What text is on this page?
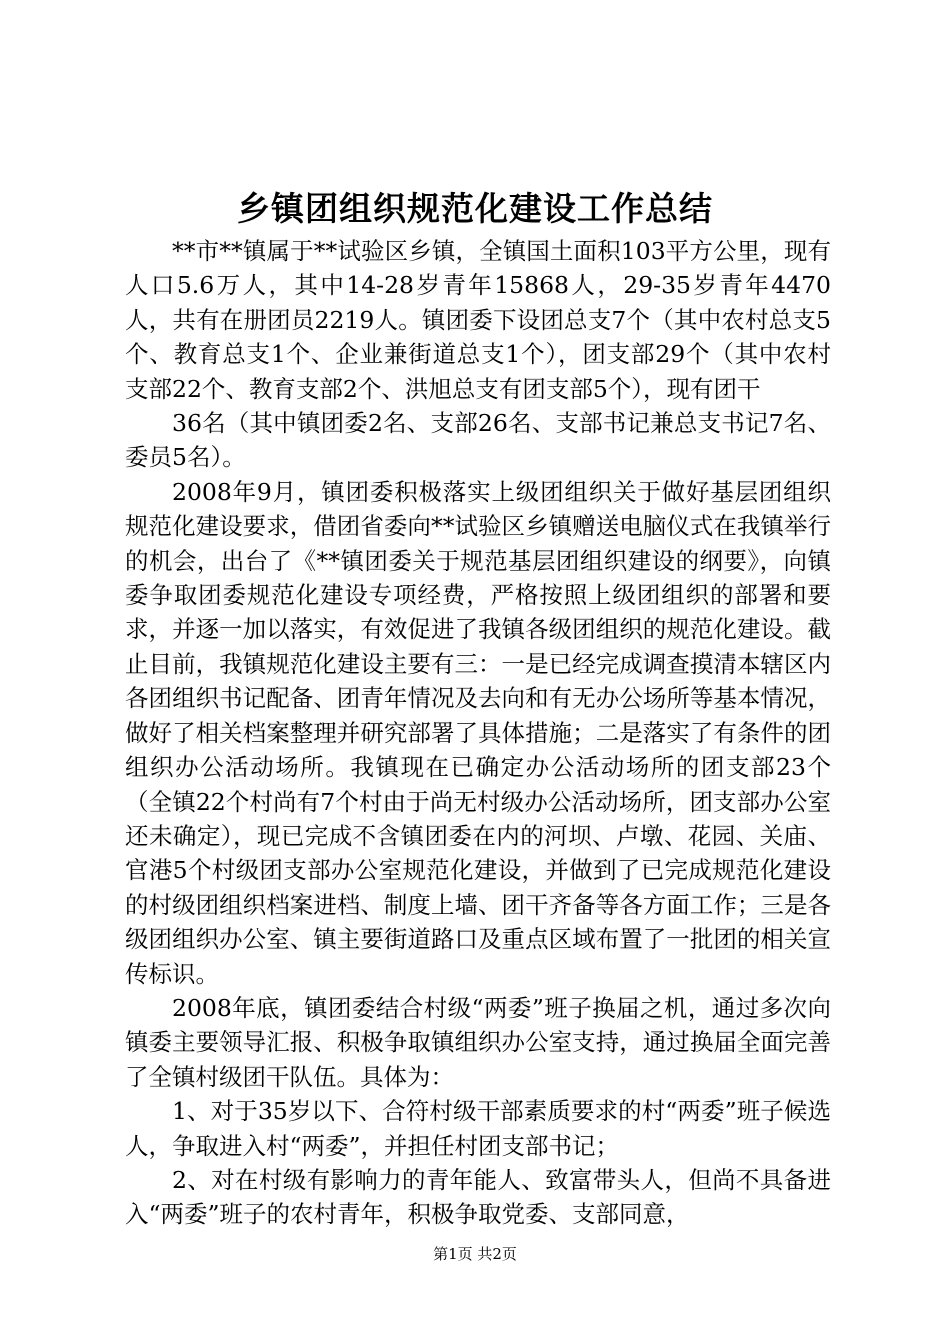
乡镇团组织规范化建设工作总结

**市**镇属于**试验区乡镇，全镇国土面积103平方公里，现有人口5.6万人，其中14-28岁青年15868人，29-35岁青年4470人，共有在册团员2219人。镇团委下设团总支7个（其中农村总支5个、教育总支1个、企业兼街道总支1个），团支部29个（其中农村支部22个、教育支部2个、洪旭总支有团支部5个），现有团干

36名（其中镇团委2名、支部26名、支部书记兼总支书记7名、委员5名）。

2008年9月，镇团委积极落实上级团组织关于做好基层团组织规范化建设要求，借团省委向**试验区乡镇赠送电脑仪式在我镇举行的机会，出台了《**镇团委关于规范基层团组织建设的纲要》，向镇委争取团委规范化建设专项经费，严格按照上级团组织的部署和要求，并逐一加以落实，有效促进了我镇各级团组织的规范化建设。截止目前，我镇规范化建设主要有三：一是已经完成调查摸清本辖区内各团组织书记配备、团青年情况及去向和有无办公场所等基本情况，做好了相关档案整理并研究部署了具体措施；二是落实了有条件的团组织办公活动场所。我镇现在已确定办公活动场所的团支部23个（全镇22个村尚有7个村由于尚无村级办公活动场所，团支部办公室还未确定），现已完成不含镇团委在内的河坝、卢墩、花园、关庙、官港5个村级团支部办公室规范化建设，并做到了已完成规范化建设的村级团组织档案进档、制度上墙、团干齐备等各方面工作；三是各级团组织办公室、镇主要街道路口及重点区域布置了一批团的相关宣传标识。

2008年底，镇团委结合村级“两委”班子换届之机，通过多次向镇委主要领导汇报、积极争取镇组织办公室支持，通过换届全面完善了全镇村级团干队伍。具体为：

1、对于35岁以下、合符村级干部素质要求的村“两委”班子候选人，争取进入村“两委”，并担任村团支部书记；

2、对在村级有影响力的青年能人、致富带头人，但尚不具备进入“两委”班子的农村青年，积极争取党委、支部同意，

第1页 共2页
